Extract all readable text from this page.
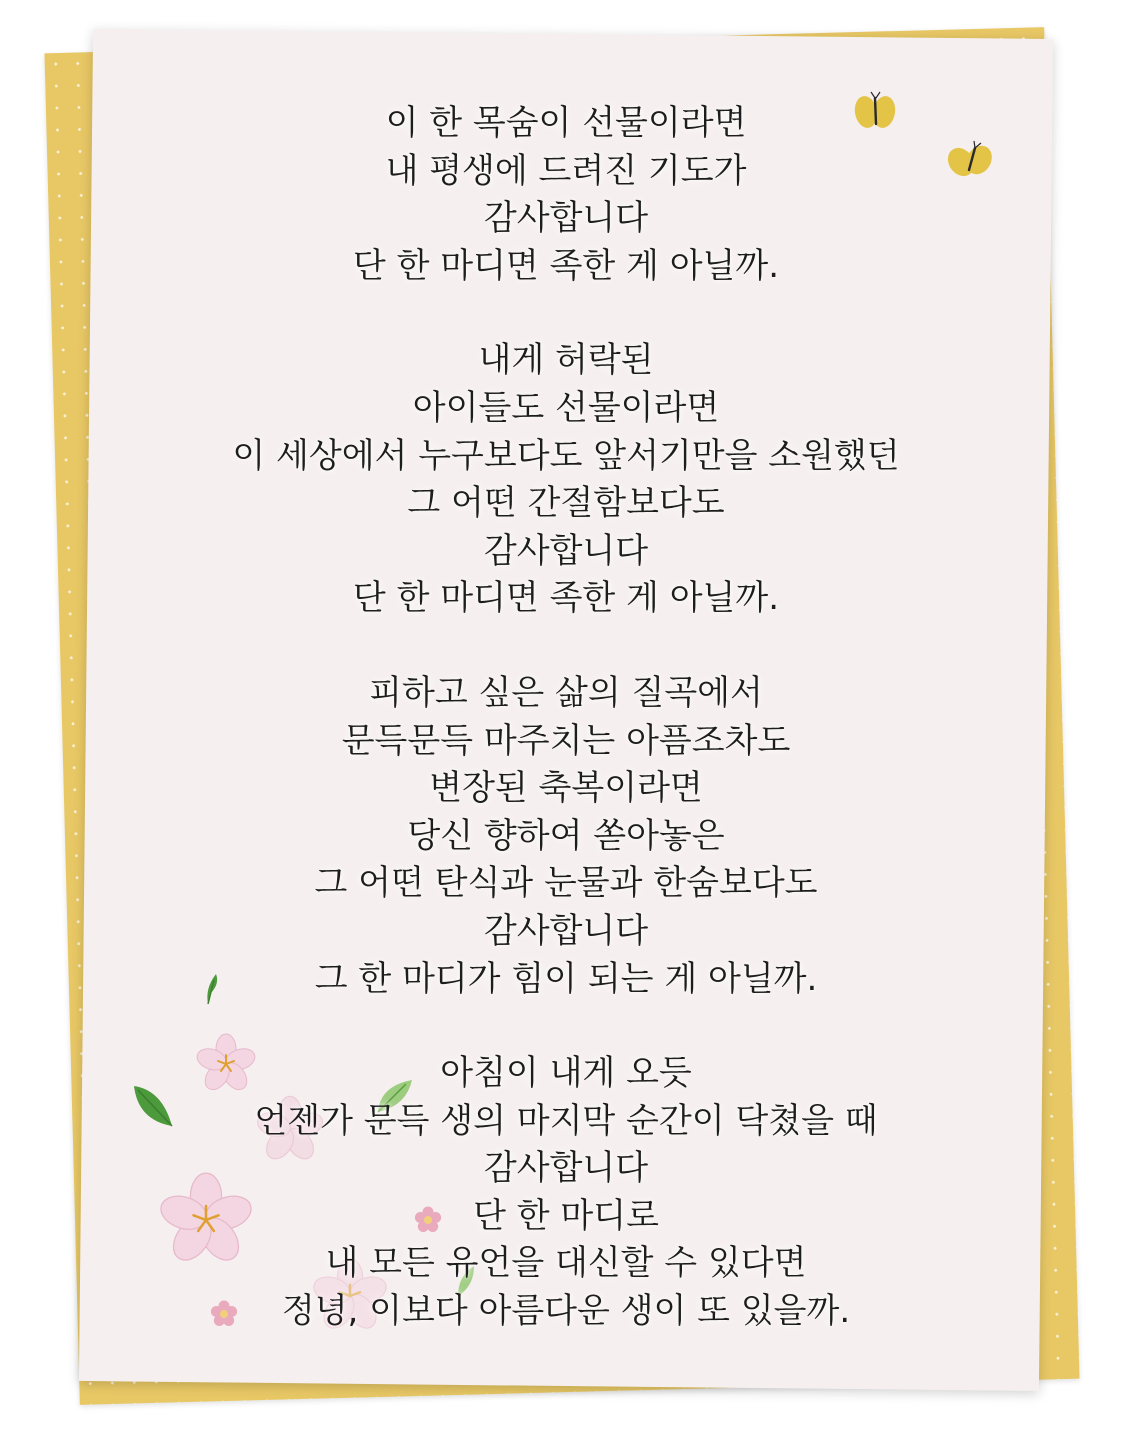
이 한 목숨이 선물이라면
내 평생에 드려진 기도가
감사합니다
단 한 마디면 족한 게 아닐까.
내게 허락된
아이들도 선물이라면
이 세상에서 누구보다도 앞서기만을 소원했던
그 어떤 간절함보다도
감사합니다
단 한 마디면 족한 게 아닐까.
피하고 싶은 삶의 질곡에서
문득문득 마주치는 아픔조차도
변장된 축복이라면
당신 향하여 쏟아놓은
그 어떤 탄식과 눈물과 한숨보다도
감사합니다
그 한 마디가 힘이 되는 게 아닐까.
아침이 내게 오듯
언젠가 문득 생의 마지막 순간이 닥쳤을 때
감사합니다
단 한 마디로
내 모든 유언을 대신할 수 있다면
정녕, 이보다 아름다운 생이 또 있을까.
